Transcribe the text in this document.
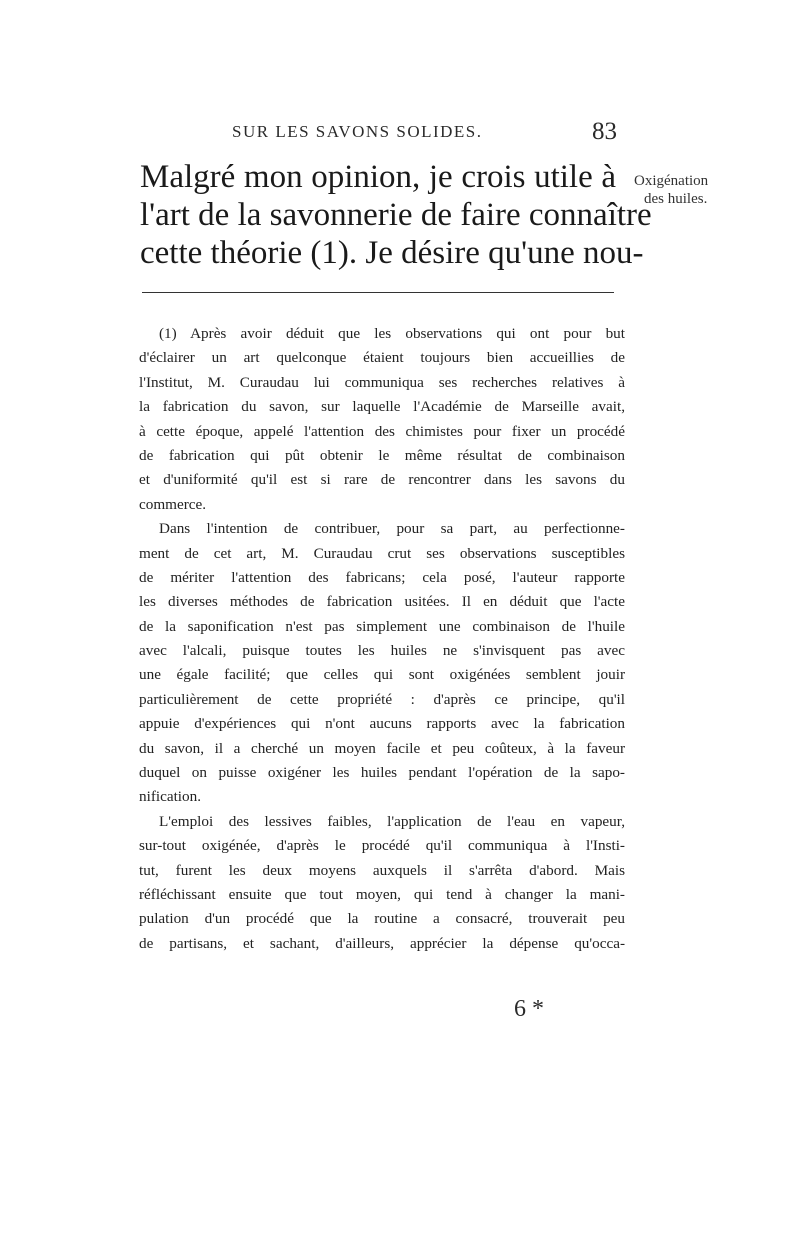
SUR LES SAVONS SOLIDES.	83
Malgré mon opinion, je crois utile à
l'art de la savonnerie de faire connaître
cette théorie (1). Je désire qu'une nou-
Oxigénation
des huiles.
(1) Après avoir déduit que les observations qui ont pour but
d'éclairer un art quelconque étaient toujours bien accueillies de
l'Institut, M. Curaudau lui communiqua ses recherches relatives à
la fabrication du savon, sur laquelle l'Académie de Marseille avait,
à cette époque, appelé l'attention des chimistes pour fixer un procédé
de fabrication qui pût obtenir le même résultat de combinaison
et d'uniformité qu'il est si rare de rencontrer dans les savons du
commerce.
Dans l'intention de contribuer, pour sa part, au perfectionne-
ment de cet art, M. Curaudau crut ses observations susceptibles
de mériter l'attention des fabricans; cela posé, l'auteur rapporte
les diverses méthodes de fabrication usitées. Il en déduit que l'acte
de la saponification n'est pas simplement une combinaison de l'huile
avec l'alcali, puisque toutes les huiles ne s'invisquent pas avec
une égale facilité; que celles qui sont oxigénées semblent jouir
particulièrement de cette propriété : d'après ce principe, qu'il
appuie d'expériences qui n'ont aucuns rapports avec la fabrication
du savon, il a cherché un moyen facile et peu coûteux, à la faveur
duquel on puisse oxigéner les huiles pendant l'opération de la sapo-
nification.
L'emploi des lessives faibles, l'application de l'eau en vapeur,
sur-tout oxigénée, d'après le procédé qu'il communiqua à l'Insti-
tut, furent les deux moyens auxquels il s'arrêta d'abord. Mais
réfléchissant ensuite que tout moyen, qui tend à changer la mani-
pulation d'un procédé que la routine a consacré, trouverait peu
de partisans, et sachant, d'ailleurs, apprécier la dépense qu'occa-
6 *
